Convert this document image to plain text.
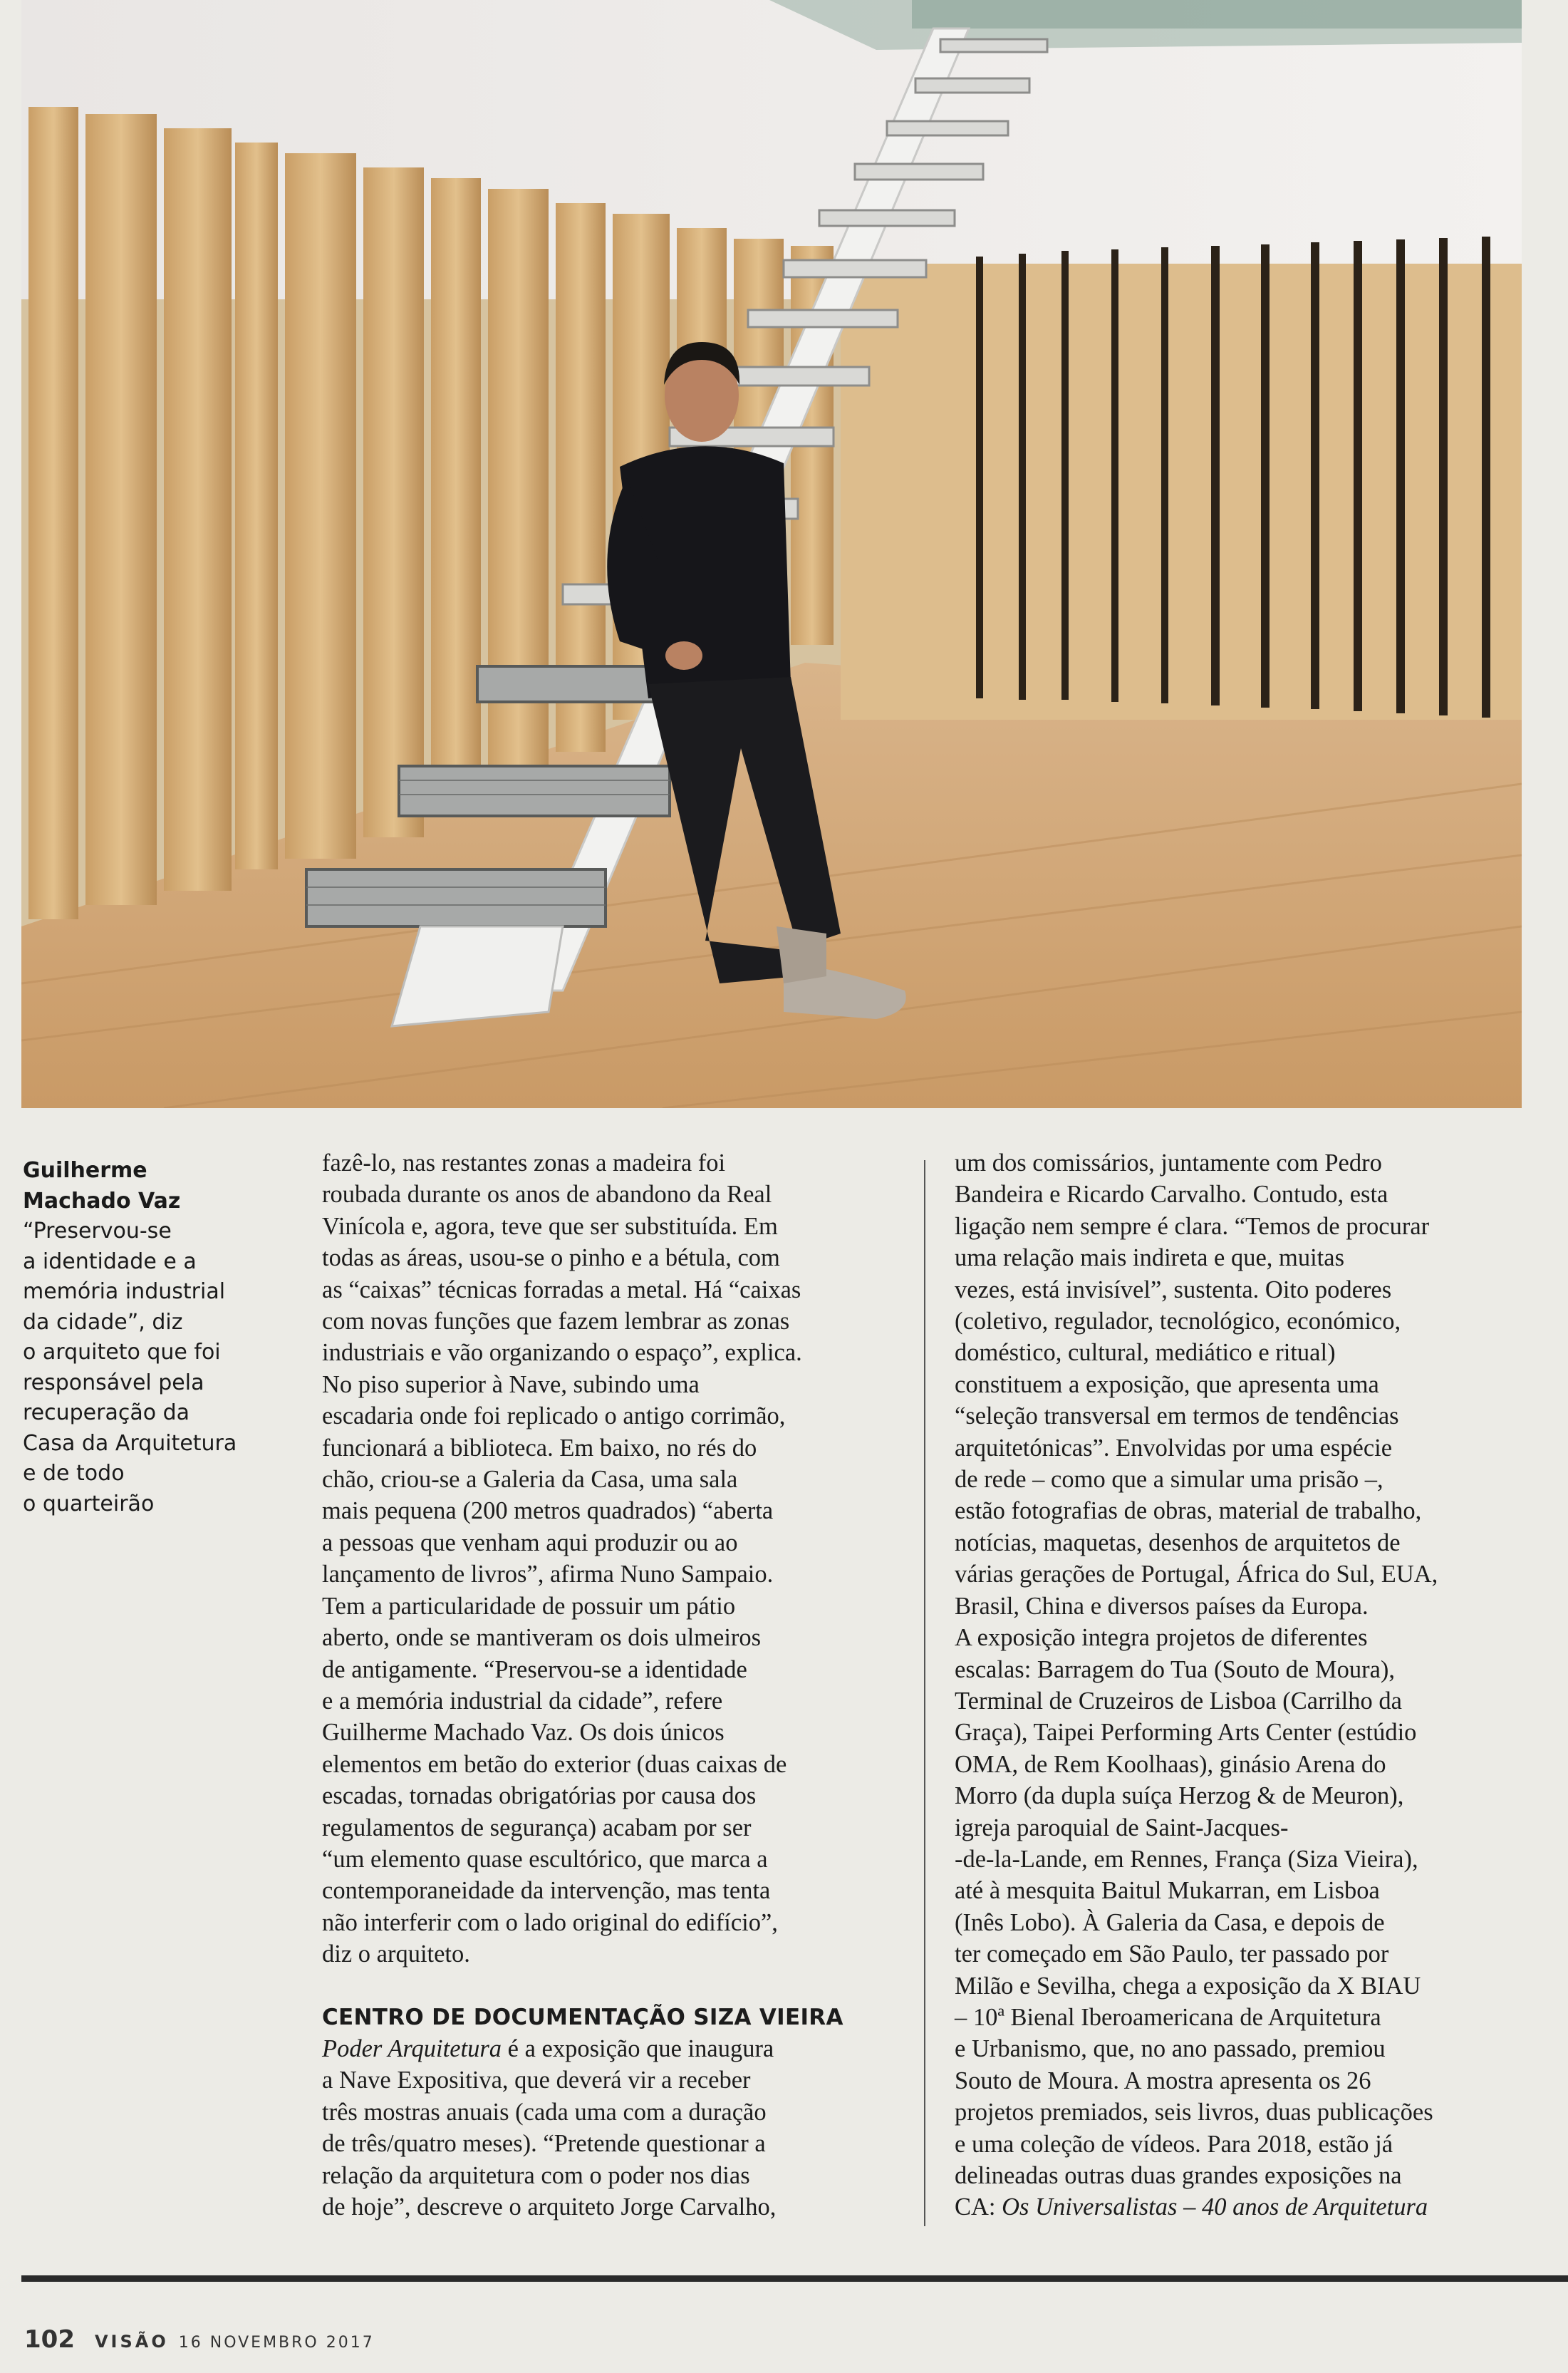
Guilherme
Machado Vaz

“Preservou-se
a identidade e a
memória industrial
da cidade”, diz
o arquiteto que foi
responsável pela
recuperação da
Casa da Arquitetura
e de todo
o quarteirão

fazê-lo, nas restantes zonas a madeira foi
roubada durante os anos de abandono da Real
Vinícola e, agora, teve que ser substituída. Em
todas as áreas, usou-se o pinho e a bétula, com
as “caixas” técnicas forradas a metal. Há “caixas
com novas funções que fazem lembrar as zonas
industriais e vão organizando o espaço”, explica.
No piso superior à Nave, subindo uma
escadaria onde foi replicado o antigo corrimão,
funcionará a biblioteca. Em baixo, no rés do
chão, criou-se a Galeria da Casa, uma sala
mais pequena (200 metros quadrados) “aberta
a pessoas que venham aqui produzir ou ao
lançamento de livros”, afirma Nuno Sampaio.
Tem a particularidade de possuir um pátio
aberto, onde se mantiveram os dois ulmeiros
de antigamente. “Preservou-se a identidade
e a memória industrial da cidade”, refere
Guilherme Machado Vaz. Os dois únicos
elementos em betão do exterior (duas caixas de
escadas, tornadas obrigatórias por causa dos
regulamentos de segurança) acabam por ser
“um elemento quase escultórico, que marca a
contemporaneidade da intervenção, mas tenta
não interferir com o lado original do edifício”,
diz o arquiteto.

CENTRO DE DOCUMENTAÇÃO SIZA VIEIRA

Poder Arquitetura é a exposição que inaugura
a Nave Expositiva, que deverá vir a receber
três mostras anuais (cada uma com a duração
de três/quatro meses). “Pretende questionar a
relação da arquitetura com o poder nos dias
de hoje”, descreve o arquiteto Jorge Carvalho,

um dos comissários, juntamente com Pedro
Bandeira e Ricardo Carvalho. Contudo, esta
ligação nem sempre é clara. “Temos de procurar
uma relação mais indireta e que, muitas
vezes, está invisível”, sustenta. Oito poderes
(coletivo, regulador, tecnológico, económico,
doméstico, cultural, mediático e ritual)
constituem a exposição, que apresenta uma
“seleção transversal em termos de tendências
arquitetónicas”. Envolvidas por uma espécie
de rede – como que a simular uma prisão –,
estão fotografias de obras, material de trabalho,
notícias, maquetas, desenhos de arquitetos de
várias gerações de Portugal, África do Sul, EUA,
Brasil, China e diversos países da Europa.
A exposição integra projetos de diferentes
escalas: Barragem do Tua (Souto de Moura),
Terminal de Cruzeiros de Lisboa (Carrilho da
Graça), Taipei Performing Arts Center (estúdio
OMA, de Rem Koolhaas), ginásio Arena do
Morro (da dupla suíça Herzog & de Meuron),
igreja paroquial de Saint-Jacques-
-de-la-Lande, em Rennes, França (Siza Vieira),
até à mesquita Baitul Mukarran, em Lisboa
(Inês Lobo). À Galeria da Casa, e depois de
ter começado em São Paulo, ter passado por
Milão e Sevilha, chega a exposição da X BIAU
– 10ª Bienal Iberoamericana de Arquitetura
e Urbanismo, que, no ano passado, premiou
Souto de Moura. A mostra apresenta os 26
projetos premiados, seis livros, duas publicações
e uma coleção de vídeos. Para 2018, estão já
delineadas outras duas grandes exposições na
CA: Os Universalistas – 40 anos de Arquitetura

102 VISÃO 16 NOVEMBRO 2017
